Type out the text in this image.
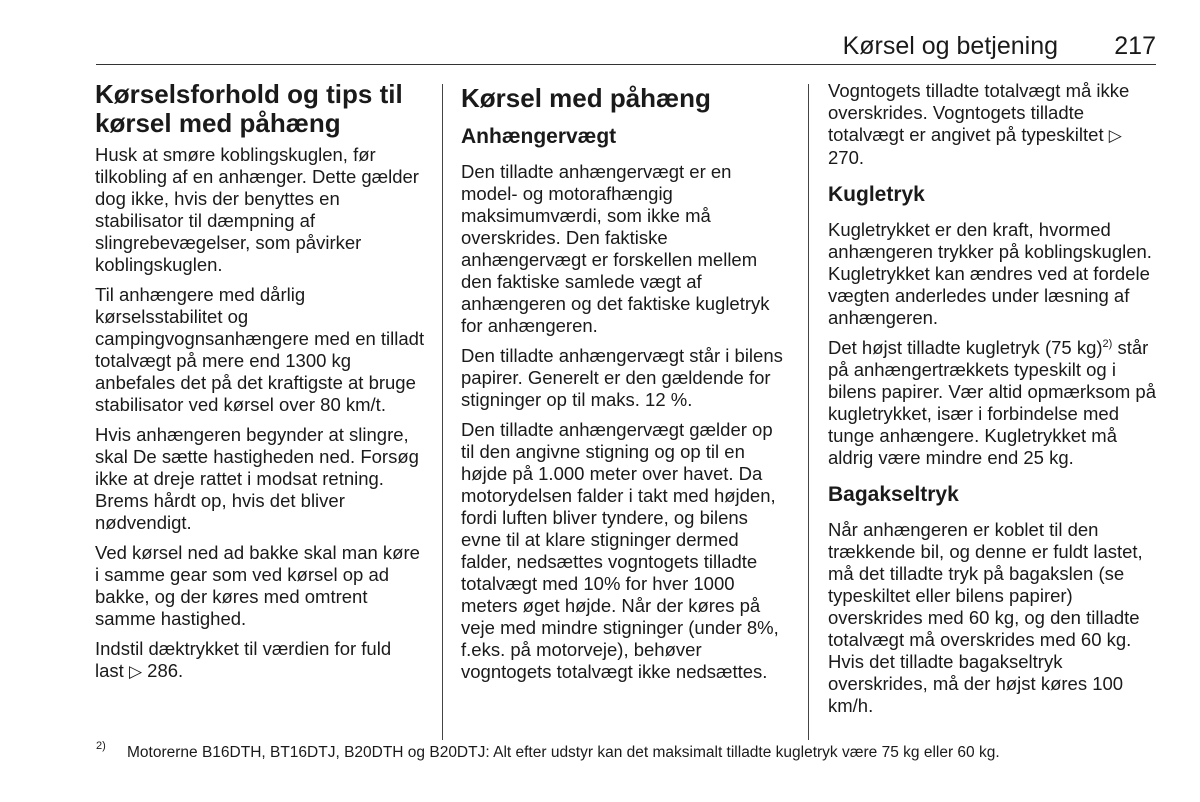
Kørsel og betjening 217
Kørselsforhold og tips til kørsel med påhæng

Husk at smøre koblingskuglen, før tilkobling af en anhænger. Dette gælder dog ikke, hvis der benyttes en stabilisator til dæmpning af slingrebevægelser, som påvirker koblingskuglen.

Til anhængere med dårlig kørselsstabilitet og campingvognsanhængere med en tilladt totalvægt på mere end 1300 kg anbefales det på det kraftigste at bruge stabilisator ved kørsel over 80 km/t.

Hvis anhængeren begynder at slingre, skal De sætte hastigheden ned. Forsøg ikke at dreje rattet i modsat retning. Brems hårdt op, hvis det bliver nødvendigt.

Ved kørsel ned ad bakke skal man køre i samme gear som ved kørsel op ad bakke, og der køres med omtrent samme hastighed.

Indstil dæktrykket til værdien for fuld last ▷ 286.

Kørsel med påhæng
Anhængervægt

Den tilladte anhængervægt er en model- og motorafhængig maksimumværdi, som ikke må overskrides. Den faktiske anhængervægt er forskellen mellem den faktiske samlede vægt af anhængeren og det faktiske kugletryk for anhængeren.

Den tilladte anhængervægt står i bilens papirer. Generelt er den gældende for stigninger op til maks. 12 %.

Den tilladte anhængervægt gælder op til den angivne stigning og op til en højde på 1.000 meter over havet. Da motorydelsen falder i takt med højden, fordi luften bliver tyndere, og bilens evne til at klare stigninger dermed falder, nedsættes vogntogets tilladte totalvægt med 10% for hver 1000 meters øget højde. Når der køres på veje med mindre stigninger (under 8%, f.eks. på motorveje), behøver vogntogets totalvægt ikke nedsættes.

Vogntogets tilladte totalvægt må ikke overskrides. Vogntogets tilladte totalvægt er angivet på typeskiltet ▷ 270.

Kugletryk

Kugletrykket er den kraft, hvormed anhængeren trykker på koblingskuglen. Kugletrykket kan ændres ved at fordele vægten anderledes under læsning af anhængeren.

Det højst tilladte kugletryk (75 kg)$^{2)}$ står på anhængertrækkets typeskilt og i bilens papirer. Vær altid opmærksom på kugletrykket, især i forbindelse med tunge anhængere. Kugletrykket må aldrig være mindre end 25 kg.

Bagakseltryk

Når anhængeren er koblet til den trækkende bil, og denne er fuldt lastet, må det tilladte tryk på bagakslen (se typeskiltet eller bilens papirer) overskrides med 60 kg, og den tilladte totalvægt må overskrides med 60 kg. Hvis det tilladte bagakseltryk overskrides, må der højst køres 100 km/h.

2) Motorerne B16DTH, BT16DTJ, B20DTH og B20DTJ: Alt efter udstyr kan det maksimalt tilladte kugletryk være 75 kg eller 60 kg.
